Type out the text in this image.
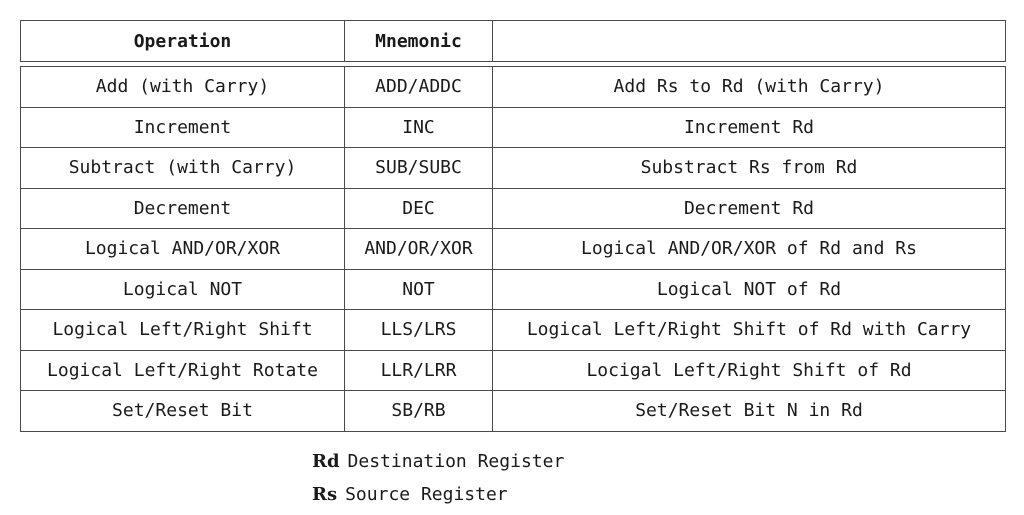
Operation	Mnemonic	
Add (with Carry)	ADD/ADDC	Add Rs to Rd (with Carry)
Increment	INC	Increment Rd
Subtract (with Carry)	SUB/SUBC	Substract Rs from Rd
Decrement	DEC	Decrement Rd
Logical AND/OR/XOR	AND/OR/XOR	Logical AND/OR/XOR of Rd and Rs
Logical NOT	NOT	Logical NOT of Rd
Logical Left/Right Shift	LLS/LRS	Logical Left/Right Shift of Rd with Carry
Logical Left/Right Rotate	LLR/LRR	Locigal Left/Right Shift of Rd
Set/Reset Bit	SB/RB	Set/Reset Bit N in Rd
Rd Destination Register
Rs Source Register
